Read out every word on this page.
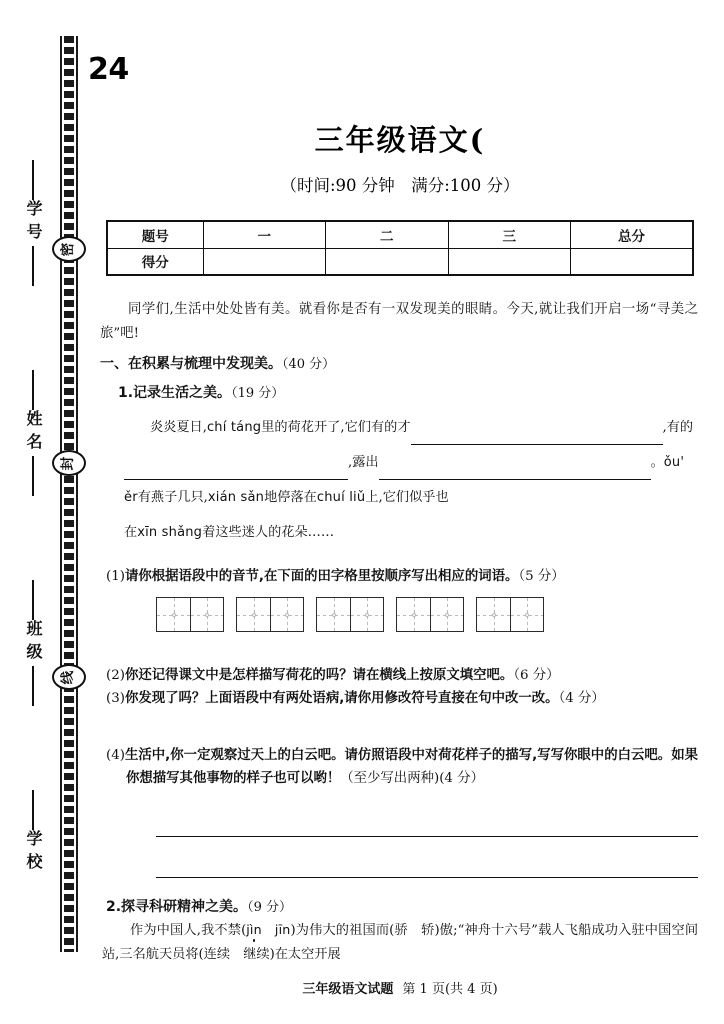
24
密
封
线
学号
姓名
班级
学校
三年级语文(
（时间:90 分钟　满分:100 分）
题号	一	二	三	总分
得分				
同学们,生活中处处皆有美。就看你是否有一双发现美的眼睛。今天,就让我们开启一场“寻美之旅”吧!
一、在积累与梳理中发现美。（40 分）
1.记录生活之美。（19 分）
炎炎夏日,chí táng里的荷花开了,它们有的才	,有的,露出	。ǒu' ěr有燕子几只,xián sǎn地停落在chuí liǔ上,它们似乎也
在xīn shǎng着这些迷人的花朵……
(1)请你根据语段中的音节,在下面的田字格里按顺序写出相应的词语。（5 分）
(2)你还记得课文中是怎样描写荷花的吗？请在横线上按原文填空吧。（6 分）
(3)你发现了吗？上面语段中有两处语病,请你用修改符号直接在句中改一改。（4 分）
(4)生活中,你一定观察过天上的白云吧。请仿照语段中对荷花样子的描写,写写你眼中的白云吧。如果你想描写其他事物的样子也可以哟！（至少写出两种)(4 分）
2.探寻科研精神之美。（9 分）
作为中国人,我不禁(jìn jīn)为伟大的祖国而(骄　轿)傲;“神舟十六号”载人飞船成功入驻中国空间站,三名航天员将(连续　继续)在太空开展
三年级语文试题 第 1 页(共 4 页)
